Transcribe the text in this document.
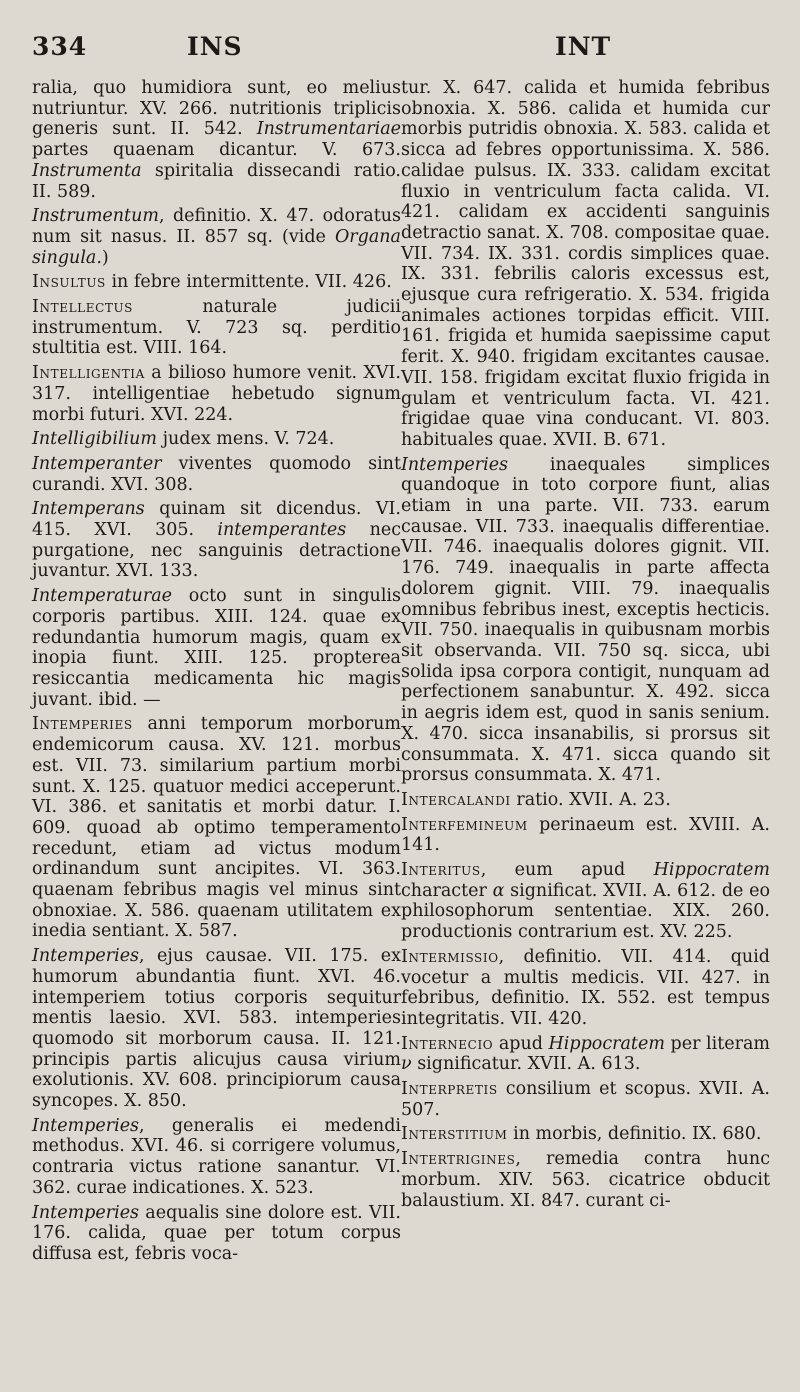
334	INS	INT

ralia, quo humidiora sunt, eo melius nutriuntur. XV. 266. nutritionis triplicis generis sunt. II. 542. Instrumentariae partes quaenam dicantur. V. 673. Instrumenta spiritalia dissecandi ratio. II. 589.

Instrumentum, definitio. X. 47. odoratus num sit nasus. II. 857 sq. (vide Organa singula.)

Insultus in febre intermittente. VII. 426.

Intellectus naturale judicii instrumentum. V. 723 sq. perditio stultitia est. VIII. 164.

Intelligentia a bilioso humore venit. XVI. 317. intelligentiae hebetudo signum morbi futuri. XVI. 224.

Intelligibilium judex mens. V. 724.

Intemperanter viventes quomodo sint curandi. XVI. 308.

Intemperans quinam sit dicendus. VI. 415. XVI. 305. intemperantes nec purgatione, nec sanguinis detractione juvantur. XVI. 133.

Intemperaturae octo sunt in singulis corporis partibus. XIII. 124. quae ex redundantia humorum magis, quam ex inopia fiunt. XIII. 125. propterea resiccantia medicamenta hic magis juvant. ibid. —

Intemperies anni temporum morborum endemicorum causa. XV. 121. morbus est. VII. 73. similarium partium morbi sunt. X. 125. quatuor medici acceperunt. VI. 386. et sanitatis et morbi datur. I. 609. quoad ab optimo temperamento recedunt, etiam ad victus modum ordinandum sunt ancipites. VI. 363. quaenam febribus magis vel minus sint obnoxiae. X. 586. quaenam utilitatem ex inedia sentiant. X. 587.

Intemperies, ejus causae. VII. 175. ex humorum abundantia fiunt. XVI. 46. intemperiem totius corporis sequitur mentis laesio. XVI. 583. intemperies quomodo sit morborum causa. II. 121. principis partis alicujus causa virium exolutionis. XV. 608. principiorum causa syncopes. X. 850.

Intemperies, generalis ei medendi methodus. XVI. 46. si corrigere volumus, contraria victus ratione sanantur. VI. 362. curae indicationes. X. 523.

Intemperies aequalis sine dolore est. VII. 176. calida, quae per totum corpus diffusa est, febris voca-

tur. X. 647. calida et humida febribus obnoxia. X. 586. calida et humida cur morbis putridis obnoxia. X. 583. calida et sicca ad febres opportunissima. X. 586. calidae pulsus. IX. 333. calidam excitat fluxio in ventriculum facta calida. VI. 421. calidam ex accidenti sanguinis detractio sanat. X. 708. compositae quae. VII. 734. IX. 331. cordis simplices quae. IX. 331. febrilis caloris excessus est, ejusque cura refrigeratio. X. 534. frigida animales actiones torpidas efficit. VIII. 161. frigida et humida saepissime caput ferit. X. 940. frigidam excitantes causae. VII. 158. frigidam excitat fluxio frigida in gulam et ventriculum facta. VI. 421. frigidae quae vina conducant. VI. 803. habituales quae. XVII. B. 671.

Intemperies inaequales simplices quandoque in toto corpore fiunt, alias etiam in una parte. VII. 733. earum causae. VII. 733. inaequalis differentiae. VII. 746. inaequalis dolores gignit. VII. 176. 749. inaequalis in parte affecta dolorem gignit. VIII. 79. inaequalis omnibus febribus inest, exceptis hecticis. VII. 750. inaequalis in quibusnam morbis sit observanda. VII. 750 sq. sicca, ubi solida ipsa corpora contigit, nunquam ad perfectionem sanabuntur. X. 492. sicca in aegris idem est, quod in sanis senium. X. 470. sicca insanabilis, si prorsus sit consummata. X. 471. sicca quando sit prorsus consummata. X. 471.

Intercalandi ratio. XVII. A. 23.

Interfemineum perinaeum est. XVIII. A. 141.

Interitus, eum apud Hippocratem character α significat. XVII. A. 612. de eo philosophorum sententiae. XIX. 260. productionis contrarium est. XV. 225.

Intermissio, definitio. VII. 414. quid vocetur a multis medicis. VII. 427. in febribus, definitio. IX. 552. est tempus integritatis. VII. 420.

Internecio apud Hippocratem per literam ν significatur. XVII. A. 613.

Interpretis consilium et scopus. XVII. A. 507.

Interstitium in morbis, definitio. IX. 680.

Intertrigines, remedia contra hunc morbum. XIV. 563. cicatrice obducit balaustium. XI. 847. curant ci-
